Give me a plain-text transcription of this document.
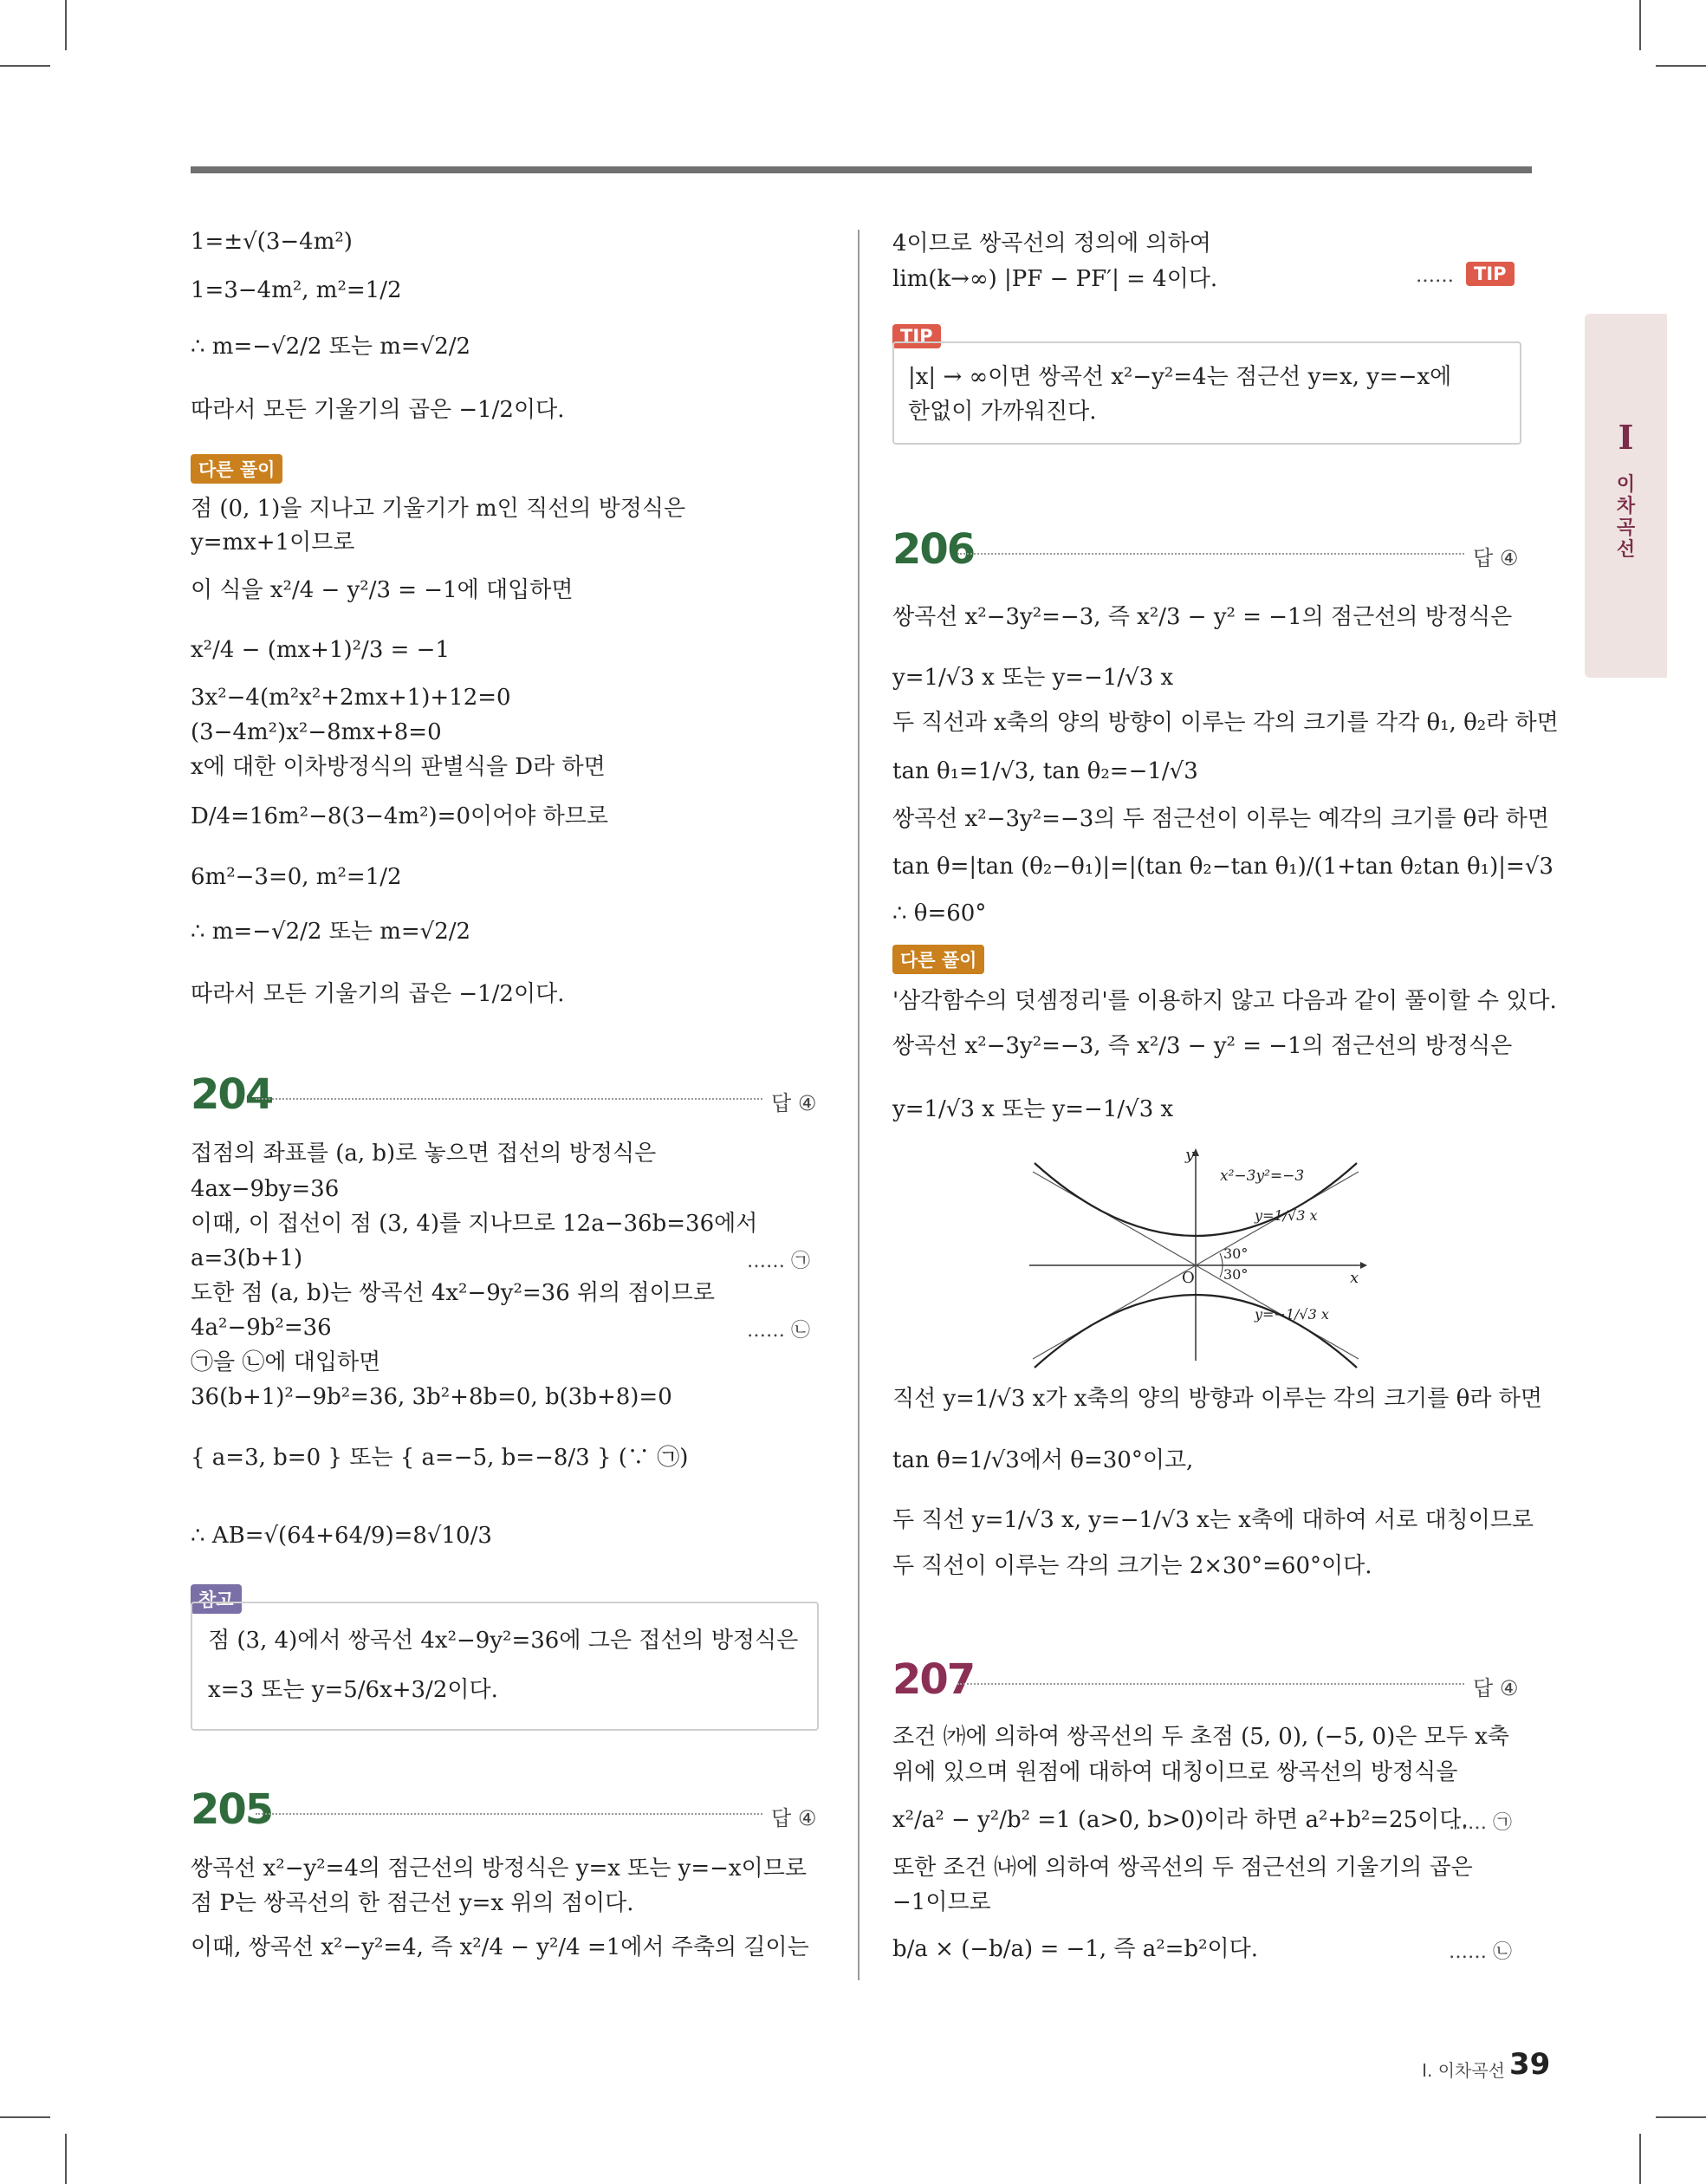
1=±√(3−4m²)
1=3−4m², m²=1/2
∴ m=−√2/2 또는 m=√2/2
따라서 모든 기울기의 곱은 −1/2이다.
다른 풀이
점 (0, 1)을 지나고 기울기가 m인 직선의 방정식은
y=mx+1이므로
이 식을 x²/4 − y²/3 = −1에 대입하면
x²/4 − (mx+1)²/3 = −1
3x²−4(m²x²+2mx+1)+12=0
(3−4m²)x²−8mx+8=0
x에 대한 이차방정식의 판별식을 D라 하면
D/4=16m²−8(3−4m²)=0이어야 하므로
6m²−3=0, m²=1/2
∴ m=−√2/2 또는 m=√2/2
따라서 모든 기울기의 곱은 −1/2이다.
204	답 ④
접점의 좌표를 (a, b)로 놓으면 접선의 방정식은
4ax−9by=36
이때, 이 접선이 점 (3, 4)를 지나므로 12a−36b=36에서
a=3(b+1)	…… ㉠
도한 점 (a, b)는 쌍곡선 4x²−9y²=36 위의 점이므로
4a²−9b²=36	…… ㉡
㉠을 ㉡에 대입하면
36(b+1)²−9b²=36, 3b²+8b=0, b(3b+8)=0
{ a=3, b=0 } 또는 { a=−5, b=−8/3 } (∵ ㉠)
∴ AB=√(64+64/9)=8√10/3
참고
점 (3, 4)에서 쌍곡선 4x²−9y²=36에 그은 접선의 방정식은
x=3 또는 y=5/6x+3/2이다.
205	답 ④
쌍곡선 x²−y²=4의 점근선의 방정식은 y=x 또는 y=−x이므로
점 P는 쌍곡선의 한 점근선 y=x 위의 점이다.
이때, 쌍곡선 x²−y²=4, 즉 x²/4 − y²/4 =1에서 주축의 길이는
4이므로 쌍곡선의 정의에 의하여
lim(k→∞) |PF − PF′| = 4이다.	……	TIP
TIP
|x| → ∞이면 쌍곡선 x²−y²=4는 점근선 y=x, y=−x에
한없이 가까워진다.
206	답 ④
쌍곡선 x²−3y²=−3, 즉 x²/3 − y² = −1의 점근선의 방정식은
y=1/√3 x 또는 y=−1/√3 x
두 직선과 x축의 양의 방향이 이루는 각의 크기를 각각 θ₁, θ₂라 하면
tan θ₁=1/√3, tan θ₂=−1/√3
쌍곡선 x²−3y²=−3의 두 점근선이 이루는 예각의 크기를 θ라 하면
tan θ=|tan (θ₂−θ₁)|=|(tan θ₂−tan θ₁)/(1+tan θ₂tan θ₁)|=√3
∴ θ=60°
다른 풀이
'삼각함수의 덧셈정리'를 이용하지 않고 다음과 같이 풀이할 수 있다.
쌍곡선 x²−3y²=−3, 즉 x²/3 − y² = −1의 점근선의 방정식은
y=1/√3 x 또는 y=−1/√3 x
y
x
O
x²−3y²=−3
y=1/√3 x
y=−1/√3 x
30°
30°
직선 y=1/√3 x가 x축의 양의 방향과 이루는 각의 크기를 θ라 하면
tan θ=1/√3에서 θ=30°이고,
두 직선 y=1/√3 x, y=−1/√3 x는 x축에 대하여 서로 대칭이므로
두 직선이 이루는 각의 크기는 2×30°=60°이다.
207	답 ④
조건 ㈎에 의하여 쌍곡선의 두 초점 (5, 0), (−5, 0)은 모두 x축
위에 있으며 원점에 대하여 대칭이므로 쌍곡선의 방정식을
x²/a² − y²/b² =1 (a>0, b>0)이라 하면 a²+b²=25이다.
…… ㉠
또한 조건 ㈏에 의하여 쌍곡선의 두 점근선의 기울기의 곱은
−1이므로
b/a × (−b/a) = −1, 즉 a²=b²이다.	…… ㉡
I
이
차
곡
선
Ⅰ. 이차곡선 39
